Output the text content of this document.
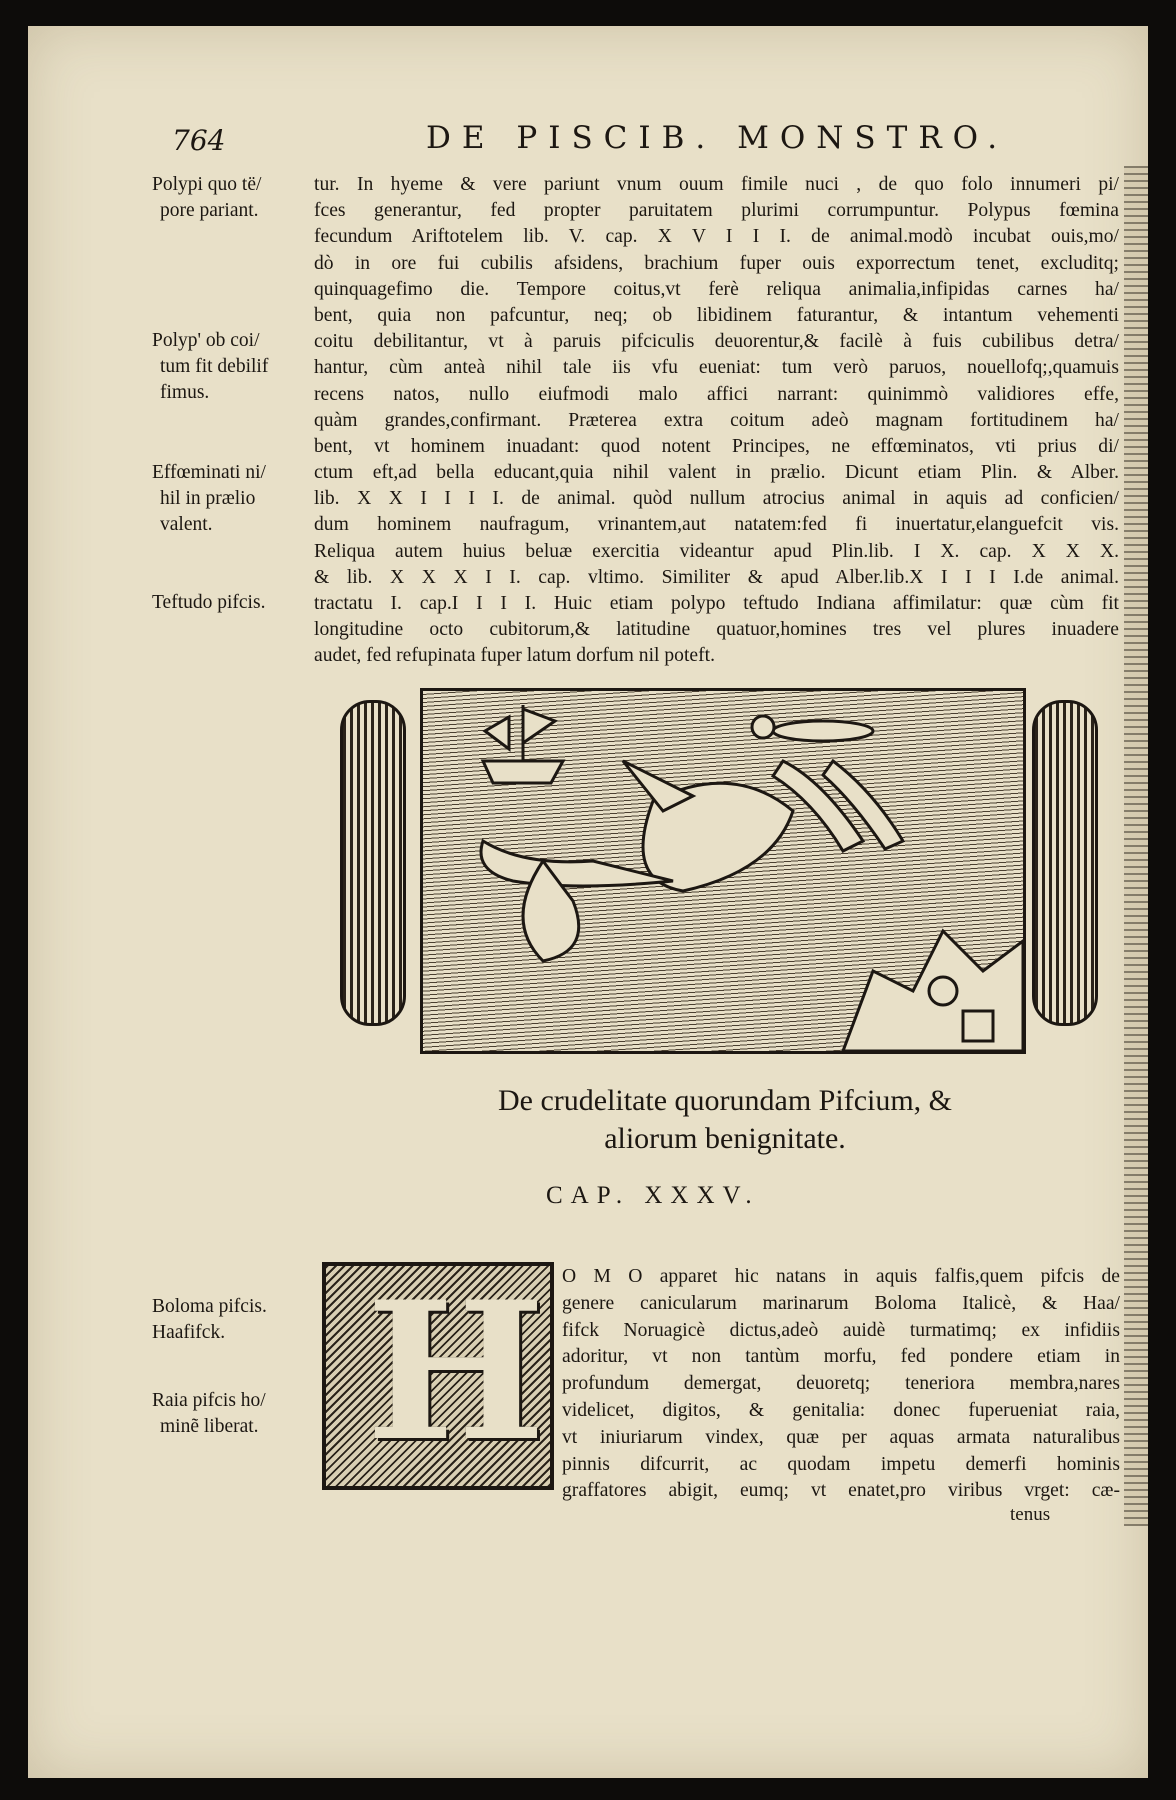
764	DE PISCIB. MONSTRO.
Polypi quo të/
pore pariant.
Polyp' ob coi/
tum fit debilif
fimus.
Effœminati ni/
hil in prælio
valent.
Teftudo pifcis.
Boloma pifcis.
Haafifck.
Raia pifcis ho/
minẽ liberat.
tur. In hyeme & vere pariunt vnum ouum fimile nuci , de quo folo innumeri pi/
fces generantur, fed propter paruitatem plurimi corrumpuntur. Polypus fœmina
fecundum Ariftotelem lib. V. cap. X V I I I. de animal.modò incubat ouis,mo/
dò in ore fui cubilis afsidens, brachium fuper ouis exporrectum tenet, excluditq;
quinquagefimo die. Tempore coitus,vt ferè reliqua animalia,infipidas carnes ha/
bent, quia non pafcuntur, neq; ob libidinem faturantur, & intantum vehementi
coitu debilitantur, vt à paruis pifciculis deuorentur,& facilè à fuis cubilibus detra/
hantur, cùm anteà nihil tale iis vfu eueniat: tum verò paruos, nouellofq;,quamuis
recens natos, nullo eiufmodi malo affici narrant: quinimmò validiores effe,
quàm grandes,confirmant. Præterea extra coitum adeò magnam fortitudinem ha/
bent, vt hominem inuadant: quod notent Principes, ne effœminatos, vti prius di/
ctum eft,ad bella educant,quia nihil valent in prælio. Dicunt etiam Plin. & Alber.
lib. X X I I I I. de animal. quòd nullum atrocius animal in aquis ad conficien/
dum hominem naufragum, vrinantem,aut natatem:fed fi inuertatur,elanguefcit vis.
Reliqua autem huius beluæ exercitia videantur apud Plin.lib. I X. cap. X X X.
& lib. X X X I I. cap. vltimo. Similiter & apud Alber.lib.X I I I I.de animal.
tractatu I. cap.I I I I. Huic etiam polypo teftudo Indiana affimilatur: quæ cùm fit
longitudine octo cubitorum,& latitudine quatuor,homines tres vel plures inuadere
audet, fed refupinata fuper latum dorfum nil poteft.
De crudelitate quorundam Pifcium, &
aliorum benignitate.
CAP. XXXV.
H O M O apparet hic natans in aquis falfis,quem pifcis de
genere canicularum marinarum Boloma Italicè, & Haa/
fifck Noruagicè dictus,adeò auidè turmatimq; ex infidiis
adoritur, vt non tantùm morfu, fed pondere etiam in
profundum demergat, deuoretq; teneriora membra,nares
videlicet, digitos, & genitalia: donec fuperueniat raia,
vt iniuriarum vindex, quæ per aquas armata naturalibus
pinnis difcurrit, ac quodam impetu demerfi hominis
graffatores abigit, eumq; vt enatet,pro viribus vrget: cæ-
tenus
